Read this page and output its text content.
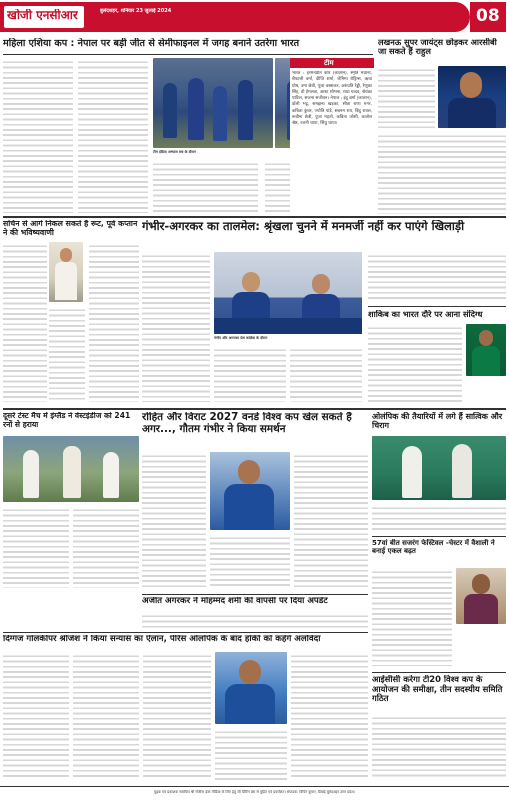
खोजी एनसीआर	बुलंदशहर, शनिवार 23 जुलाई 2024	08
महिला एशिया कप : नेपाल पर बड़ी जीत से सेमीफाइनल में जगह बनाने उतरेगा भारत
टीम इंडिया अभ्यास सत्र के दौरान
लखनऊ सुपर जायंट्स छोड़कर आरसीबी जा सकते हैं राहुल
टीम
भारत : हरमनप्रीत कौर (कप्तान), स्मृति मंधाना, शैफाली वर्मा, दीप्ति शर्मा, जेमिमा रोड्रिग्स, ऋचा घोष, उमा छेत्री, पूजा वस्त्राकर, अरुंधति रेड्डी, रेणुका सिंह, डी हेमलता, आशा शोभना, राधा यादव, श्रेयंका पाटिल, सजना सजीवन। नेपाल : इंदु बर्मा (कप्तान), डॉली भट्ट, समझना खड़का, सीता राणा मगर, कबिता कुंवर, ज्योति पांडे, सबनम राय, बिंदु रावल, रूबीना छेत्री, पूजा महतो, कबिता जोशी, कजोल श्रेष्ठ, रजनी थापा, सिंधु थापा।
सचिन से आगे निकल सकते हैं रूट, पूर्व कप्तान ने की भविष्यवाणी	गंभीर-अगरकर का तालमेल: श्रृंखला चुनने में मनमर्जी नहीं कर पाएंगे खिलाड़ी
गंभीर और अगरकर प्रेस कांफ्रेंस के दौरान
शाकिब का भारत दौरे पर आना संदिग्ध
दूसरे टेस्ट मैच में इंग्लैंड ने वेस्टइंडीज को 241 रनों से हराया
रोहित और विराट 2027 वनडे विश्व कप खेल सकते हैं अगर..., गौतम गंभीर ने किया समर्थन
ओलंपिक की तैयारियों में लगे हैं सात्विक और चिराग
अजीत अगरकर ने मोहम्मद शमी की वापसी पर दिया अपडेट
57वां बीत सजरंग फेस्टिवल -चेस्टर में वैशाली ने बनाई एकल बढ़त
दिग्गज गोलकीपर श्रीजेश ने किया संन्यास का ऐलान, पेरिस ओलंपिक के बाद हॉकी को कहेंगे अलविदा
आईसीसी करेगा टी20 विश्व कप के आयोजन की समीक्षा, तीन सदस्यीय समिति गठित
मुद्रक एवं प्रकाशक स्वामित्व श्री रोजीना ईस्ट मीडिया के लिए हेतु जी प्रिंटिंग प्रेस से मुद्रित एवं प्रकाशित। संपादक: विपिन कुमार, डिबाई बुलंदशहर उत्तर प्रदेश।
